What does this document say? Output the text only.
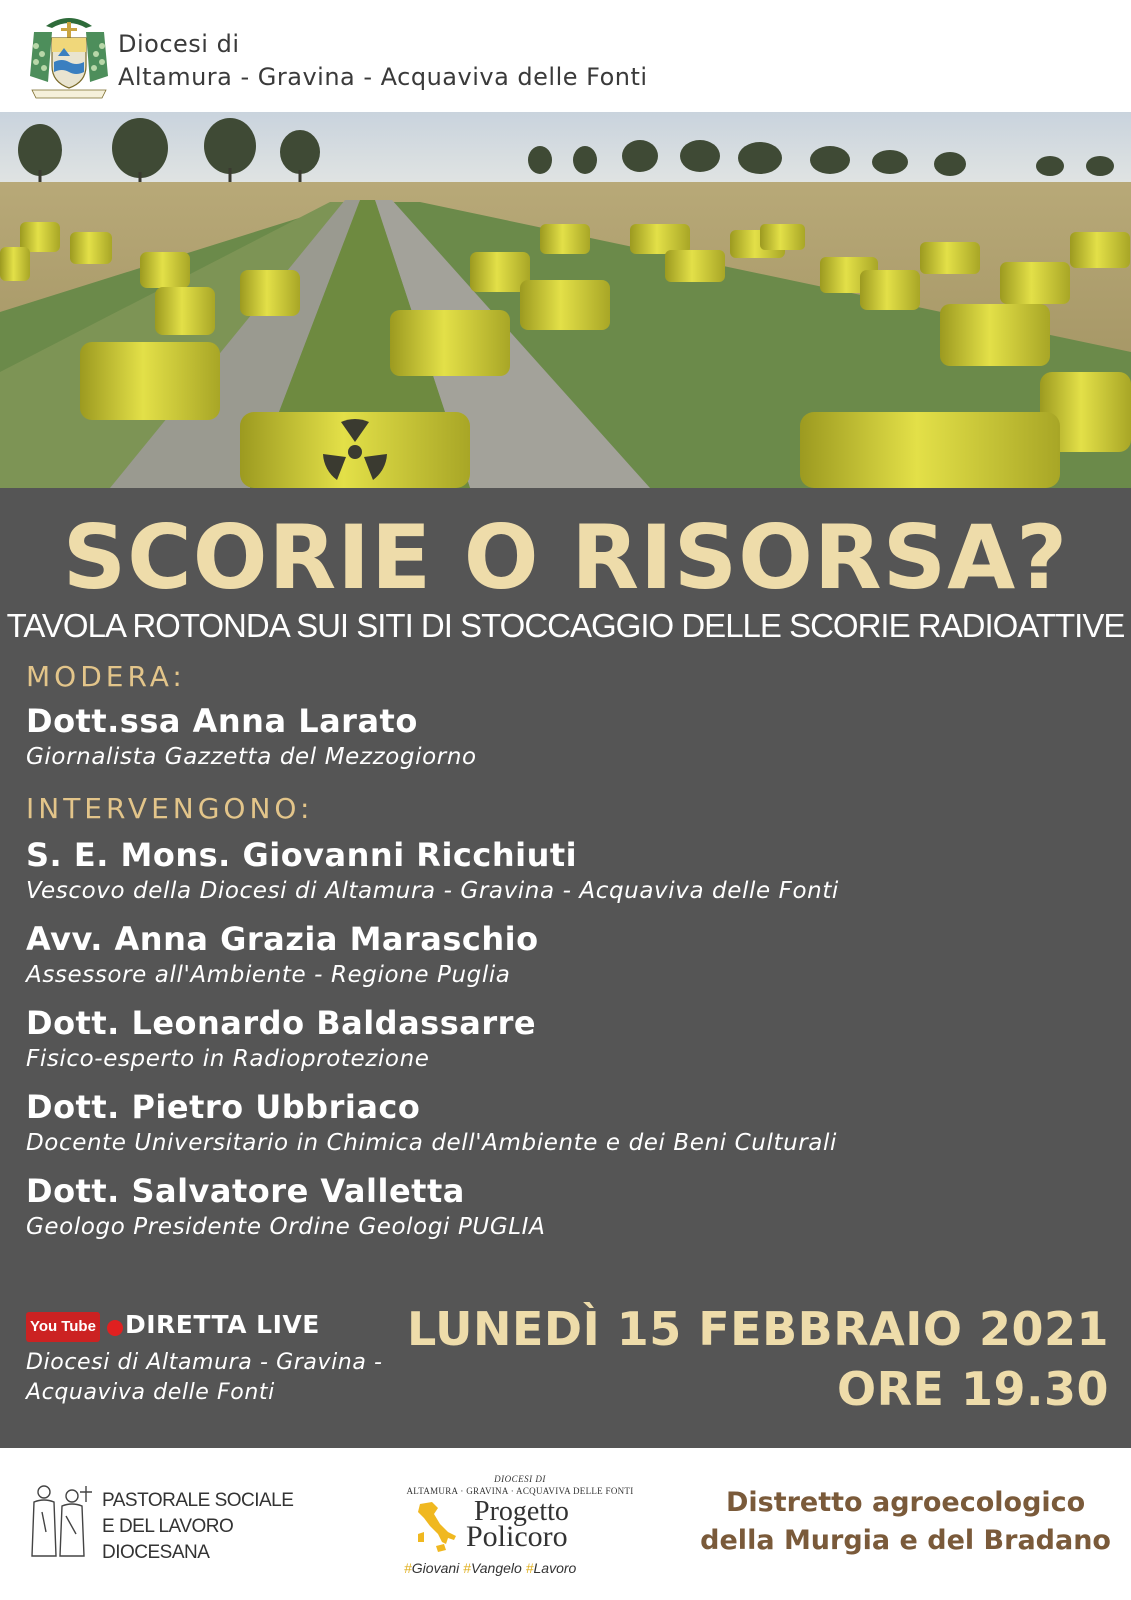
Diocesi di
Altamura - Gravina - Acquaviva delle Fonti
SCORIE O RISORSA?
TAVOLA ROTONDA SUI SITI DI STOCCAGGIO DELLE SCORIE RADIOATTIVE
MODERA:
Dott.ssa Anna Larato
Giornalista Gazzetta del Mezzogiorno
INTERVENGONO:
S. E. Mons. Giovanni Ricchiuti
Vescovo della Diocesi di Altamura - Gravina - Acquaviva delle Fonti
Avv. Anna Grazia Maraschio
Assessore all'Ambiente - Regione Puglia
Dott. Leonardo Baldassarre
Fisico-esperto in Radioprotezione
Dott. Pietro Ubbriaco
Docente Universitario in Chimica dell'Ambiente e dei Beni Culturali
Dott. Salvatore Valletta
Geologo Presidente Ordine Geologi PUGLIA
You Tube DIRETTA LIVE
Diocesi di Altamura - Gravina -
Acquaviva delle Fonti
LUNEDÌ 15 FEBBRAIO 2021
ORE 19.30
PASTORALE SOCIALE
E DEL LAVORO
DIOCESANA
DIOCESI DI
ALTAMURA · GRAVINA · ACQUAVIVA DELLE FONTI
Progetto
Policoro
#Giovani #Vangelo #Lavoro
Distretto agroecologico
della Murgia e del Bradano
